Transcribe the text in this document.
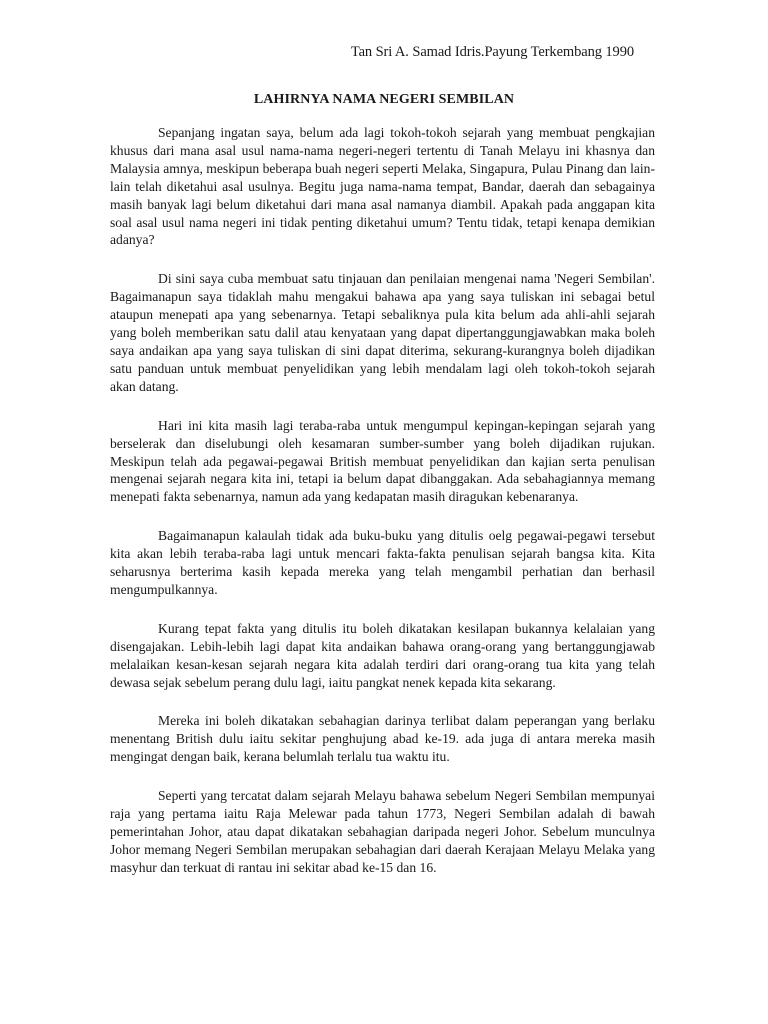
Tan Sri A. Samad Idris.Payung Terkembang 1990
LAHIRNYA NAMA NEGERI SEMBILAN

Sepanjang ingatan saya, belum ada lagi tokoh-tokoh sejarah yang membuat pengkajian khusus dari mana asal usul nama-nama negeri-negeri tertentu di Tanah Melayu ini khasnya dan Malaysia amnya, meskipun beberapa buah negeri seperti Melaka, Singapura, Pulau Pinang dan lain-lain telah diketahui asal usulnya. Begitu juga nama-nama tempat, Bandar, daerah dan sebagainya masih banyak lagi belum diketahui dari mana asal namanya diambil. Apakah pada anggapan kita soal asal usul nama negeri ini tidak penting diketahui umum? Tentu tidak, tetapi kenapa demikian adanya?

Di sini saya cuba membuat satu tinjauan dan penilaian mengenai nama 'Negeri Sembilan'. Bagaimanapun saya tidaklah mahu mengakui bahawa apa yang saya tuliskan ini sebagai betul ataupun menepati apa yang sebenarnya. Tetapi sebaliknya pula kita belum ada ahli-ahli sejarah yang boleh memberikan satu dalil atau kenyataan yang dapat dipertanggungjawabkan maka boleh saya andaikan apa yang saya tuliskan di sini dapat diterima, sekurang-kurangnya boleh dijadikan satu panduan untuk membuat penyelidikan yang lebih mendalam lagi oleh tokoh-tokoh sejarah akan datang.

Hari ini kita masih lagi teraba-raba untuk mengumpul kepingan-kepingan sejarah yang berselerak dan diselubungi oleh kesamaran sumber-sumber yang boleh dijadikan rujukan. Meskipun telah ada pegawai-pegawai British membuat penyelidikan dan kajian serta penulisan mengenai sejarah negara kita ini, tetapi ia belum dapat dibanggakan. Ada sebahagiannya memang menepati fakta sebenarnya, namun ada yang kedapatan masih diragukan kebenaranya.

Bagaimanapun kalaulah tidak ada buku-buku yang ditulis oelg pegawai-pegawi tersebut kita akan lebih teraba-raba lagi untuk mencari fakta-fakta penulisan sejarah bangsa kita. Kita seharusnya berterima kasih kepada mereka yang telah mengambil perhatian dan berhasil mengumpulkannya.

Kurang tepat fakta yang ditulis itu boleh dikatakan kesilapan bukannya kelalaian yang disengajakan. Lebih-lebih lagi dapat kita andaikan bahawa orang-orang yang bertanggungjawab melalaikan kesan-kesan sejarah negara kita adalah terdiri dari orang-orang tua kita yang telah dewasa sejak sebelum perang dulu lagi, iaitu pangkat nenek kepada kita sekarang.

Mereka ini boleh dikatakan sebahagian darinya terlibat dalam peperangan yang berlaku menentang British dulu iaitu sekitar penghujung abad ke-19. ada juga di antara mereka masih mengingat dengan baik, kerana belumlah terlalu tua waktu itu.

Seperti yang tercatat dalam sejarah Melayu bahawa sebelum Negeri Sembilan mempunyai raja yang pertama iaitu Raja Melewar pada tahun 1773, Negeri Sembilan adalah di bawah pemerintahan Johor, atau dapat dikatakan sebahagian daripada negeri Johor. Sebelum munculnya Johor memang Negeri Sembilan merupakan sebahagian dari daerah Kerajaan Melayu Melaka yang masyhur dan terkuat di rantau ini sekitar abad ke-15 dan 16.
